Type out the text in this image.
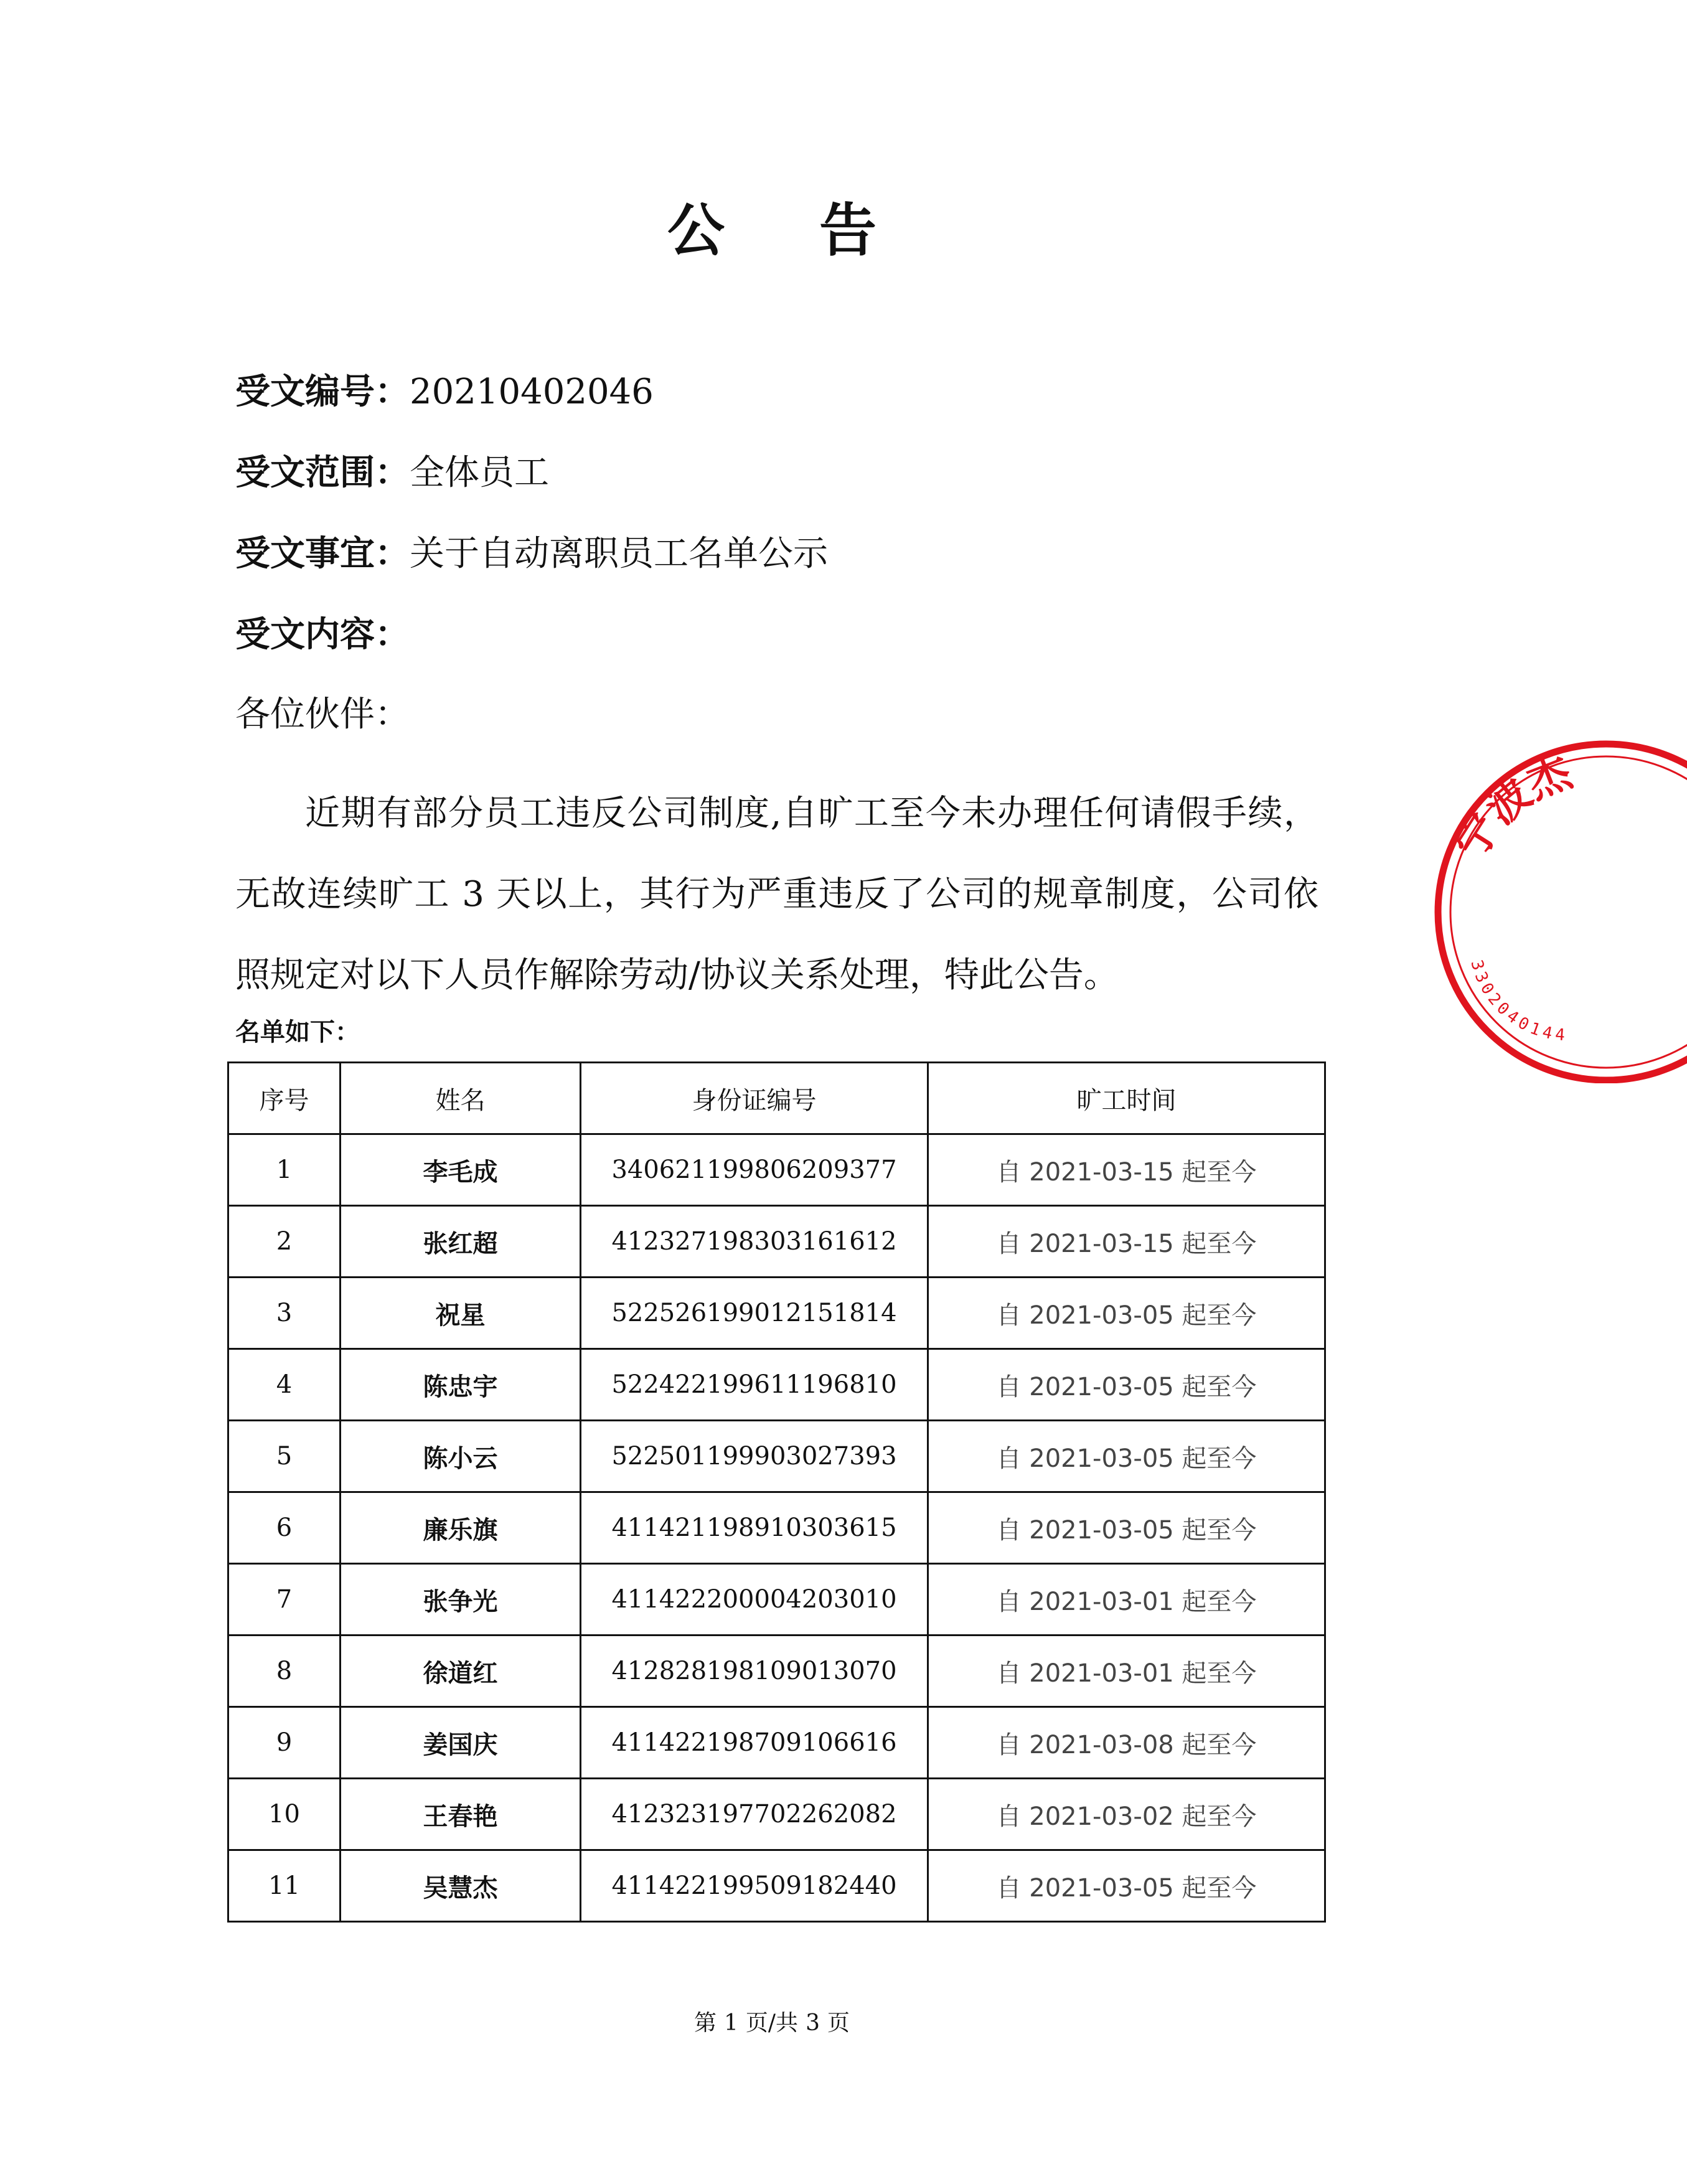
公 告
受文编号：20210402046
受文范围：全体员工
受文事宜：关于自动离职员工名单公示
受文内容：
各位伙伴：
近期有部分员工违反公司制度,自旷工至今未办理任何请假手续，无故连续旷工 3 天以上，其行为严重违反了公司的规章制度，公司依照规定对以下人员作解除劳动/协议关系处理，特此公告。
名单如下：
序号	姓名	身份证编号	旷工时间
1	李毛成	340621199806209377	自 2021-03-15 起至今
2	张红超	412327198303161612	自 2021-03-15 起至今
3	祝星	522526199012151814	自 2021-03-05 起至今
4	陈忠宇	522422199611196810	自 2021-03-05 起至今
5	陈小云	522501199903027393	自 2021-03-05 起至今
6	廉乐旗	411421198910303615	自 2021-03-05 起至今
7	张争光	411422200004203010	自 2021-03-01 起至今
8	徐道红	412828198109013070	自 2021-03-01 起至今
9	姜国庆	411422198709106616	自 2021-03-08 起至今
10	王春艳	412323197702262082	自 2021-03-02 起至今
11	吴慧杰	411422199509182440	自 2021-03-05 起至今
第 1 页/共 3 页
宁波杰
3302040144
